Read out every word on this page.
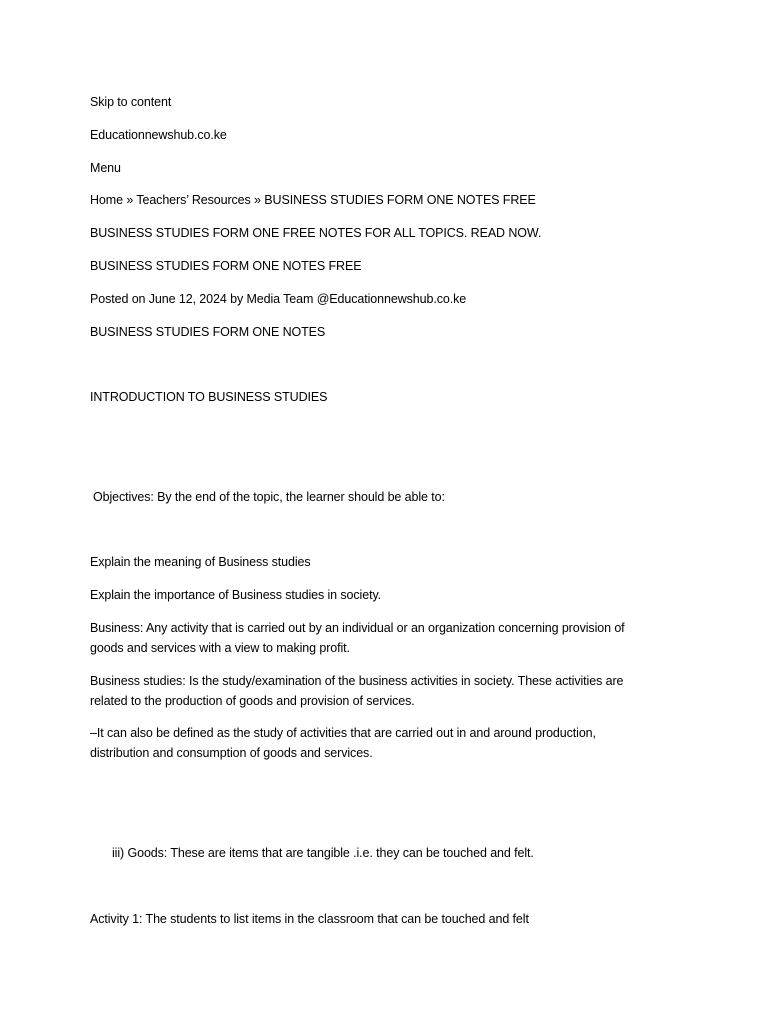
Skip to content
Educationnewshub.co.ke
Menu

Home » Teachers’ Resources » BUSINESS STUDIES FORM ONE NOTES FREE

BUSINESS STUDIES FORM ONE FREE NOTES FOR ALL TOPICS. READ NOW.

BUSINESS STUDIES FORM ONE NOTES FREE

Posted on June 12, 2024 by Media Team @Educationnewshub.co.ke

BUSINESS STUDIES FORM ONE NOTES

INTRODUCTION TO BUSINESS STUDIES

Objectives: By the end of the topic, the learner should be able to:

Explain the meaning of Business studies

Explain the importance of Business studies in society.

Business: Any activity that is carried out by an individual or an organization concerning provision of goods and services with a view to making profit.

Business studies: Is the study/examination of the business activities in society. These activities are related to the production of goods and provision of services.

–It can also be defined as the study of activities that are carried out in and around production, distribution and consumption of goods and services.

iii) Goods: These are items that are tangible .i.e. they can be touched and felt.

Activity 1: The students to list items in the classroom that can be touched and felt
